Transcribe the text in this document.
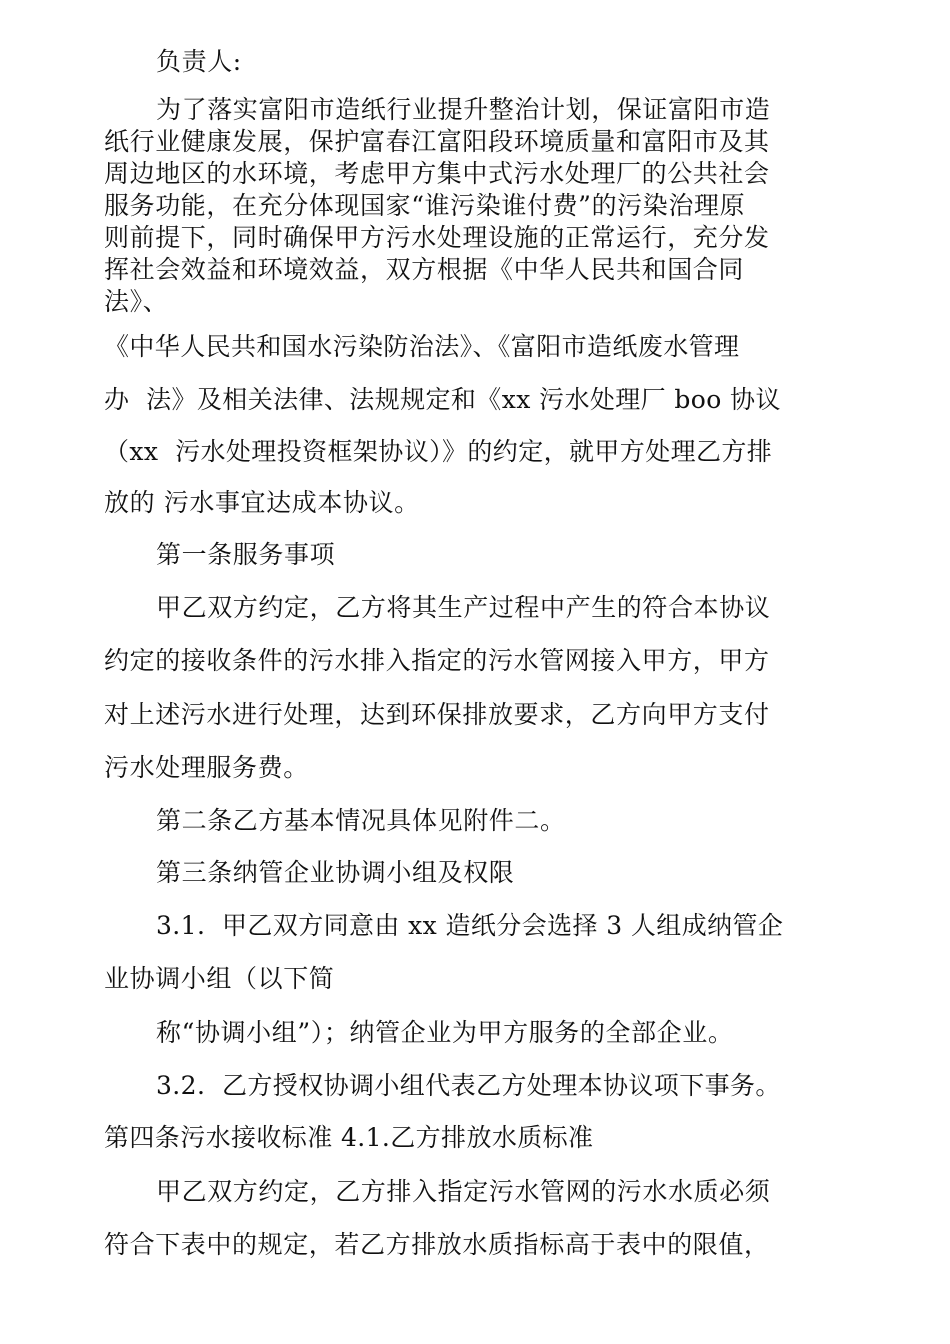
负责人:
为了落实富阳市造纸行业提升整治计划，保证富阳市造
纸行业健康发展，保护富春江富阳段环境质量和富阳市及其
周边地区的水环境，考虑甲方集中式污水处理厂的公共社会
服务功能，在充分体现国家“谁污染谁付费”的污染治理原
则前提下，同时确保甲方污水处理设施的正常运行，充分发
挥社会效益和环境效益，双方根据《中华人民共和国合同
法》、
《中华人民共和国水污染防治法》、《富阳市造纸废水管理
办  法》及相关法律、法规规定和《xx 污水处理厂 boo 协议
（xx  污水处理投资框架协议）》的约定，就甲方处理乙方排
放的 污水事宜达成本协议。
第一条服务事项
甲乙双方约定，乙方将其生产过程中产生的符合本协议
约定的接收条件的污水排入指定的污水管网接入甲方，甲方
对上述污水进行处理，达到环保排放要求，乙方向甲方支付
污水处理服务费。
第二条乙方基本情况具体见附件二。
第三条纳管企业协调小组及权限
3.1.  甲乙双方同意由 xx 造纸分会选择 3 人组成纳管企
业协调小组（以下简
称“协调小组”）；纳管企业为甲方服务的全部企业。
3.2.  乙方授权协调小组代表乙方处理本协议项下事务。
第四条污水接收标准 4.1.乙方排放水质标准
甲乙双方约定，乙方排入指定污水管网的污水水质必须
符合下表中的规定，若乙方排放水质指标高于表中的限值，
